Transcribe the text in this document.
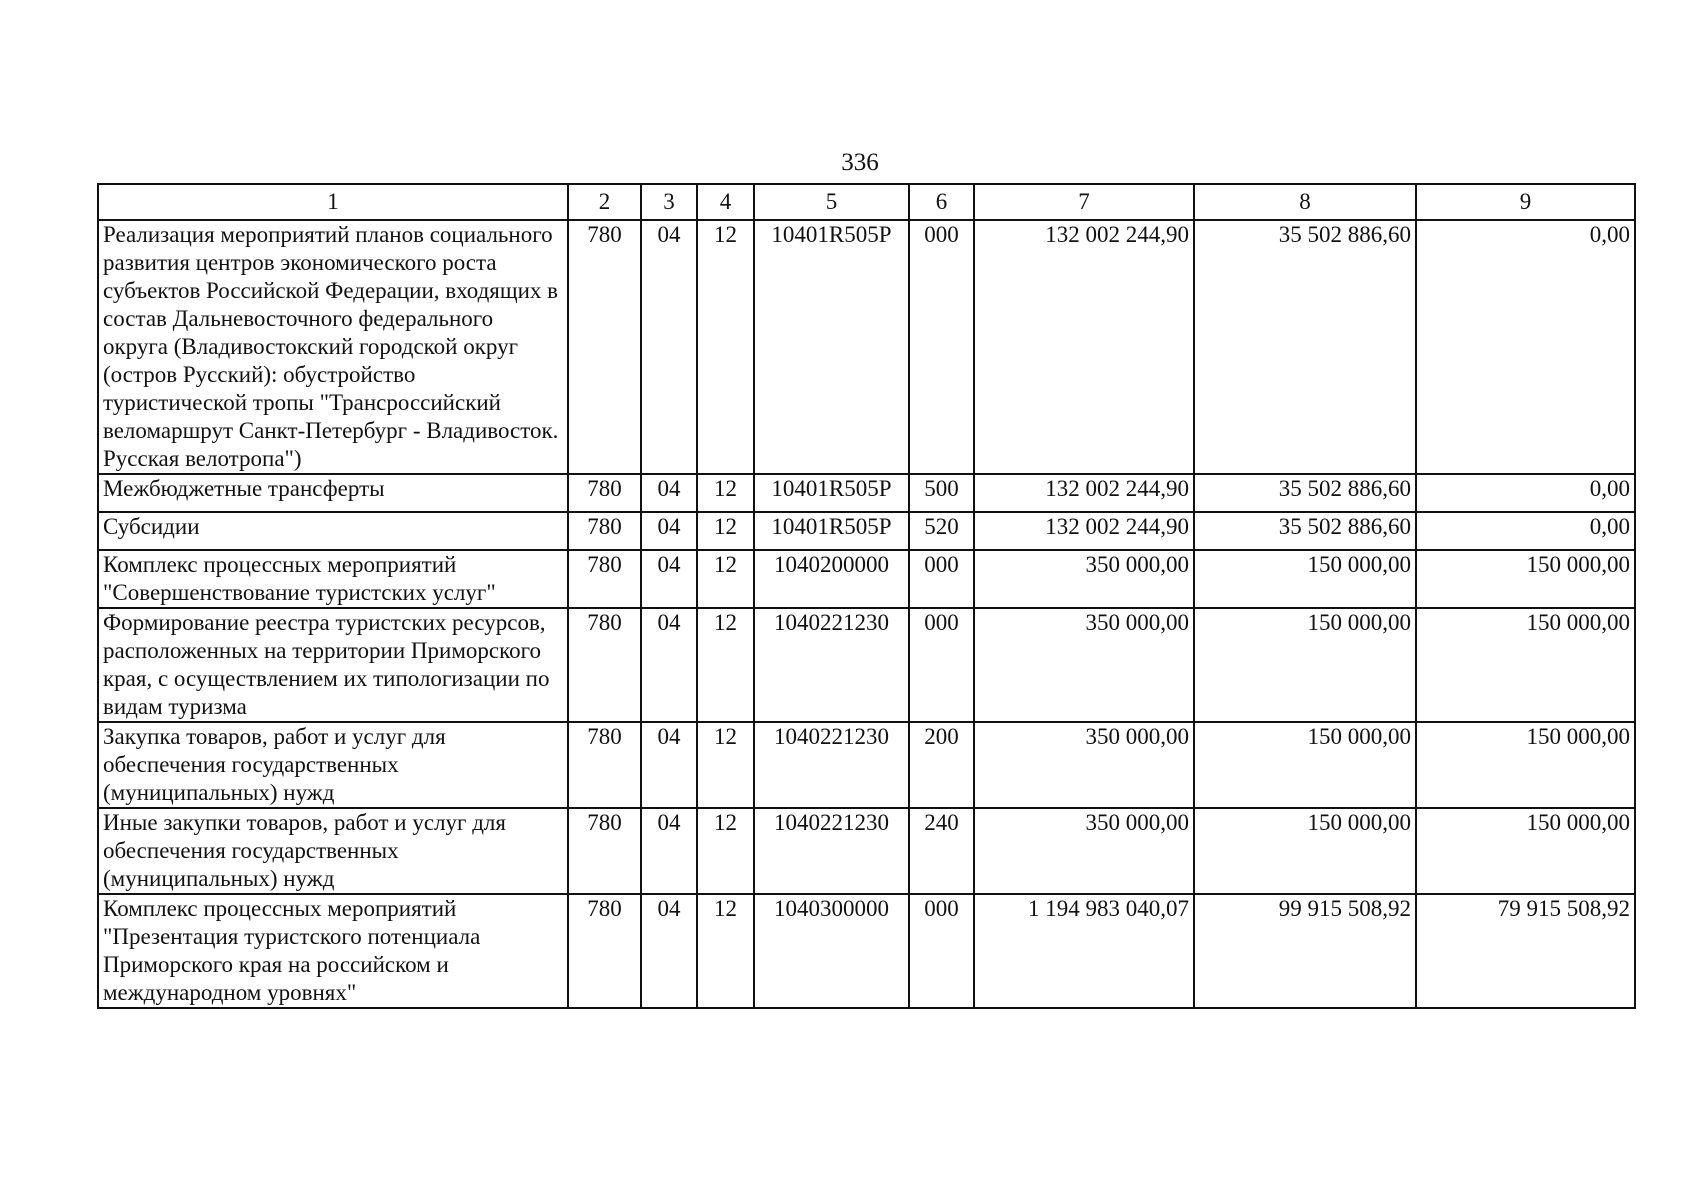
336
1	2	3	4	5	6	7	8	9
Реализация мероприятий планов социального развития центров экономического роста субъектов Российской Федерации, входящих в состав Дальневосточного федерального округа (Владивостокский городской округ (остров Русский): обустройство туристической тропы "Трансроссийский веломаршрут Санкт-Петербург - Владивосток. Русская велотропа")	780	04	12	10401R505P	000	132 002 244,90	35 502 886,60	0,00
Межбюджетные трансферты	780	04	12	10401R505P	500	132 002 244,90	35 502 886,60	0,00
Субсидии	780	04	12	10401R505P	520	132 002 244,90	35 502 886,60	0,00
Комплекс процессных мероприятий "Совершенствование туристских услуг"	780	04	12	1040200000	000	350 000,00	150 000,00	150 000,00
Формирование реестра туристских ресурсов, расположенных на территории Приморского края, с осуществлением их типологизации по видам туризма	780	04	12	1040221230	000	350 000,00	150 000,00	150 000,00
Закупка товаров, работ и услуг для обеспечения государственных (муниципальных) нужд	780	04	12	1040221230	200	350 000,00	150 000,00	150 000,00
Иные закупки товаров, работ и услуг для обеспечения государственных (муниципальных) нужд	780	04	12	1040221230	240	350 000,00	150 000,00	150 000,00
Комплекс процессных мероприятий "Презентация туристского потенциала Приморского края на российском и международном уровнях"	780	04	12	1040300000	000	1 194 983 040,07	99 915 508,92	79 915 508,92
